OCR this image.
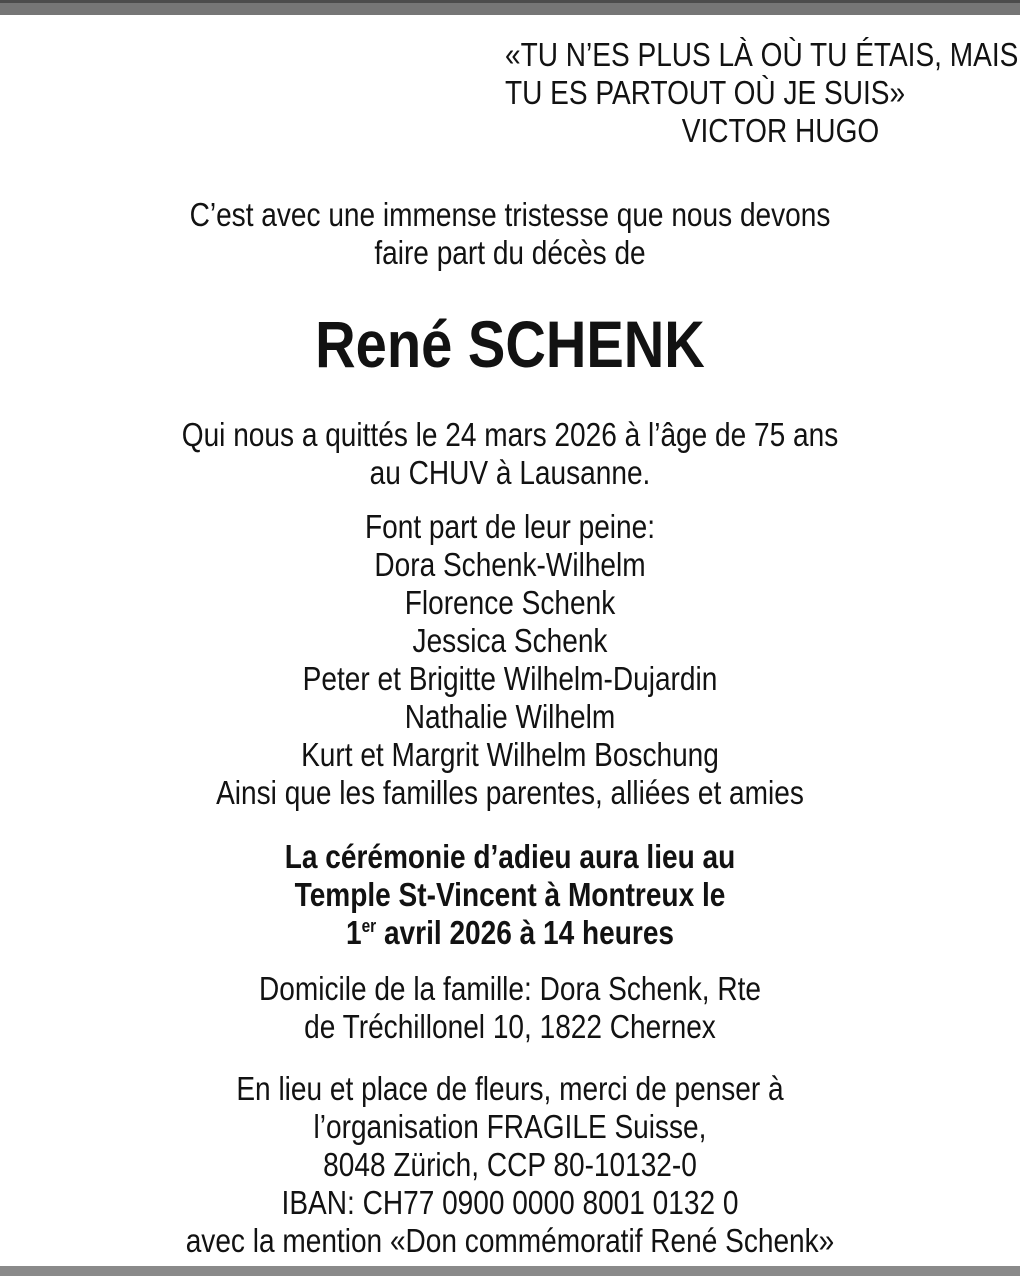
«TU N’ES PLUS LÀ OÙ TU ÉTAIS, MAIS
TU ES PARTOUT OÙ JE SUIS»
VICTOR HUGO

C’est avec une immense tristesse que nous devons
faire part du décès de

René SCHENK

Qui nous a quittés le 24 mars 2026 à l’âge de 75 ans
au CHUV à Lausanne.

Font part de leur peine:
Dora Schenk-Wilhelm
Florence Schenk
Jessica Schenk
Peter et Brigitte Wilhelm-Dujardin
Nathalie Wilhelm
Kurt et Margrit Wilhelm Boschung
Ainsi que les familles parentes, alliées et amies
La cérémonie d’adieu aura lieu au
Temple St-Vincent à Montreux le
1er avril 2026 à 14 heures

Domicile de la famille: Dora Schenk, Rte
de Tréchillonel 10, 1822 Chernex

En lieu et place de fleurs, merci de penser à
l’organisation FRAGILE Suisse,
8048 Zürich, CCP 80-10132-0
IBAN: CH77 0900 0000 8001 0132 0
avec la mention «Don commémoratif René Schenk»
